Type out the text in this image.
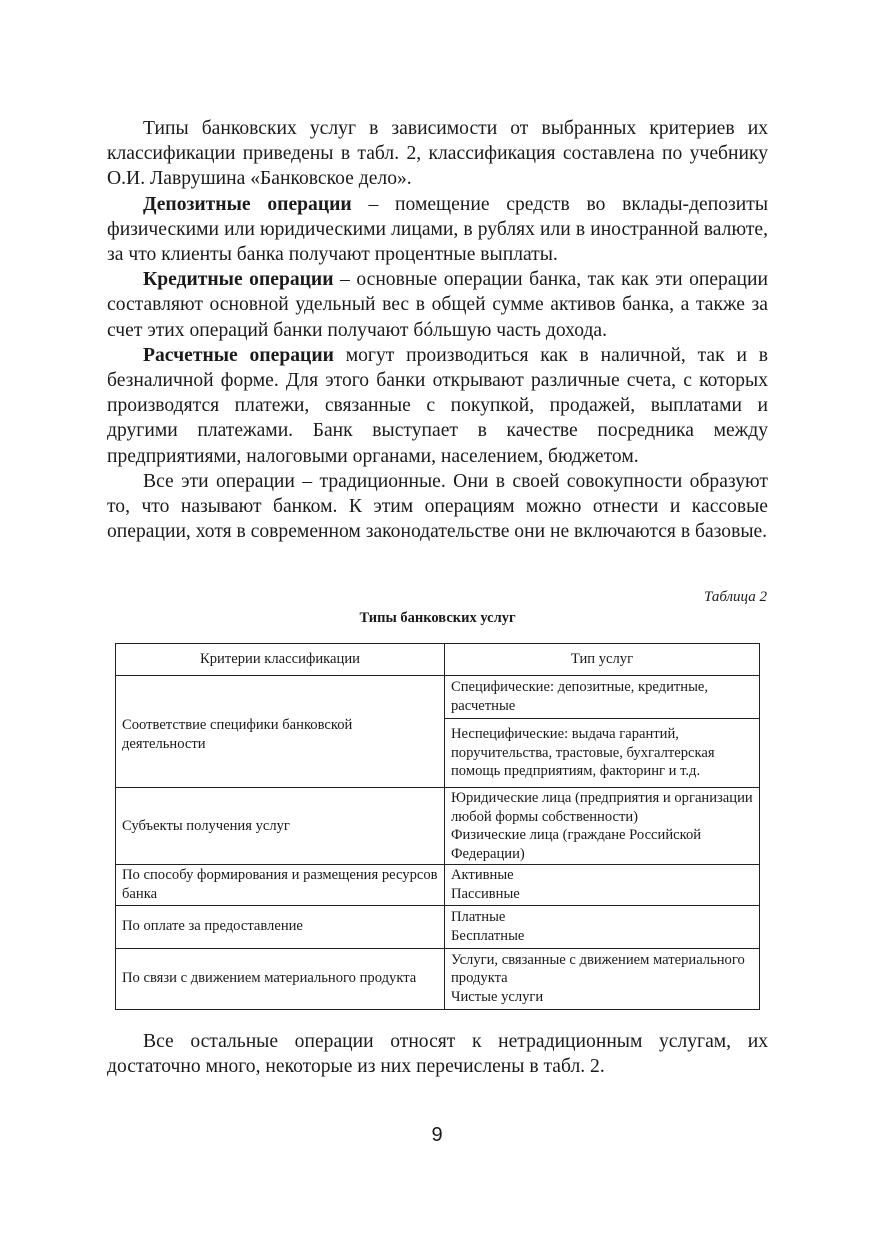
Типы банковских услуг в зависимости от выбранных критериев их классификации приведены в табл. 2, классификация составлена по учебнику О.И. Лаврушина «Банковское дело».

Депозитные операции – помещение средств во вклады-депозиты физическими или юридическими лицами, в рублях или в иностранной валюте, за что клиенты банка получают процентные выплаты.

Кредитные операции – основные операции банка, так как эти операции составляют основной удельный вес в общей сумме активов банка, а также за счет этих операций банки получают бóльшую часть дохода.

Расчетные операции могут производиться как в наличной, так и в безналичной форме. Для этого банки открывают различные счета, с которых производятся платежи, связанные с покупкой, продажей, выплатами и другими платежами. Банк выступает в качестве посредника между предприятиями, налоговыми органами, населением, бюджетом.

Все эти операции – традиционные. Они в своей совокупности образуют то, что называют банком. К этим операциям можно отнести и кассовые операции, хотя в современном законодательстве они не включаются в базовые.

Таблица 2
Типы банковских услуг
Критерии классификации	Тип услуг
Соответствие специфики банковской деятельности	Специфические: депозитные, кредитные, расчетные
	Неспецифические: выдача гарантий, поручительства, трастовые, бухгалтерская помощь предприятиям, факторинг и т.д.
Субъекты получения услуг	Юридические лица (предприятия и организации любой формы собственности)
Физические лица (граждане Российской Федерации)

По способу формирования и размещения ресурсов банка	Активные
Пассивные

По оплате за предоставление	Платные
Бесплатные

По связи с движением материального продукта	Услуги, связанные с движением материального продукта
Чистые услуги

Все остальные операции относят к нетрадиционным услугам, их достаточно много, некоторые из них перечислены в табл. 2.

9
